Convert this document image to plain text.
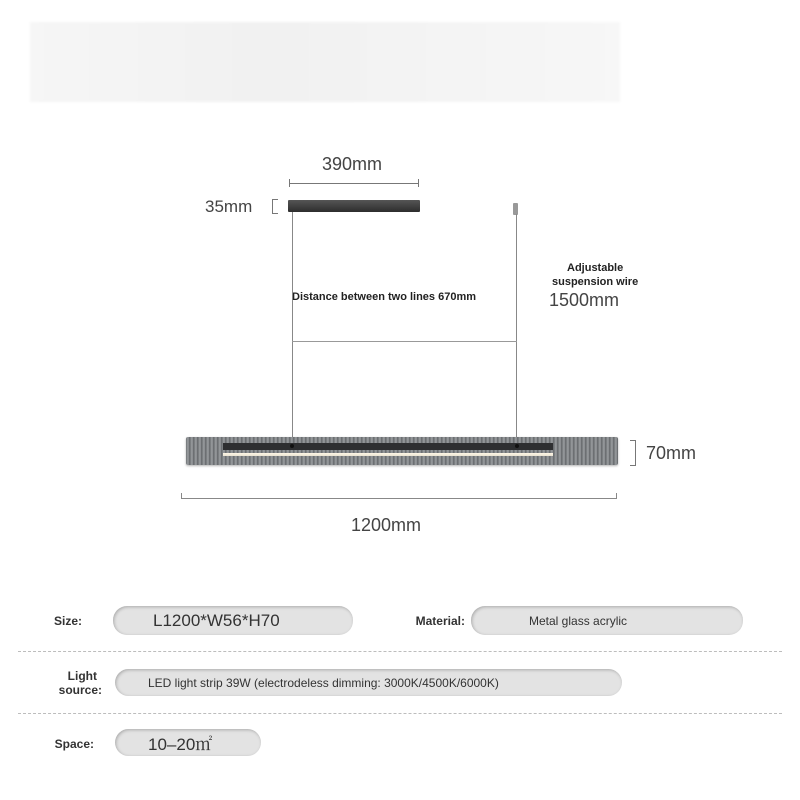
390mm
35mm
Distance between two lines 670mm
Adjustable
suspension wire
1500mm
70mm
1200mm
Size:	L1200*W56*H70	Material:	Metal glass acrylic
Light
source:
LED light strip 39W (electrodeless dimming: 3000K/4500K/6000K)
Space:	10–20㎡
